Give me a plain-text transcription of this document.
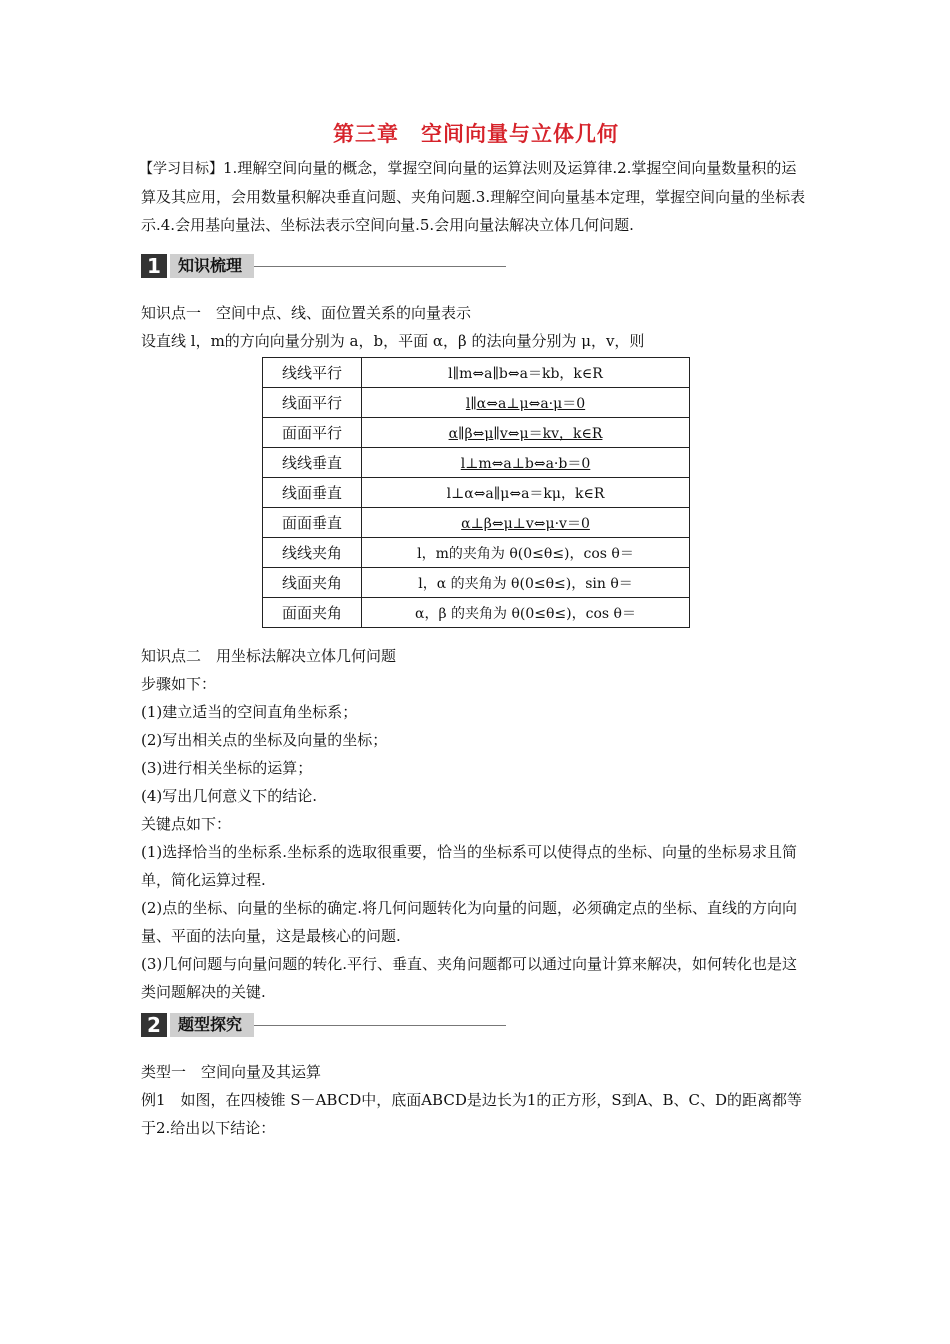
第三章　空间向量与立体几何

【学习目标】1.理解空间向量的概念，掌握空间向量的运算法则及运算律.2.掌握空间向量数量积的运算及其应用，会用数量积解决垂直问题、夹角问题.3.理解空间向量基本定理，掌握空间向量的坐标表示.4.会用基向量法、坐标法表示空间向量.5.会用向量法解决立体几何问题.

1	知识梳理

知识点一　空间中点、线、面位置关系的向量表示

设直线 l，m的方向向量分别为 a，b，平面 α，β 的法向量分别为 μ，v，则

线线平行	l∥m⇔a∥b⇔a＝kb，k∈R
线面平行	l∥α⇔a⊥μ⇔a·μ＝0
面面平行	α∥β⇔μ∥v⇔μ＝kv，k∈R
线线垂直	l⊥m⇔a⊥b⇔a·b＝0
线面垂直	l⊥α⇔a∥μ⇔a＝kμ，k∈R
面面垂直	α⊥β⇔μ⊥v⇔μ·v＝0
线线夹角	l，m的夹角为 θ(0≤θ≤)，cos θ＝
线面夹角	l，α 的夹角为 θ(0≤θ≤)，sin θ＝
面面夹角	α，β 的夹角为 θ(0≤θ≤)，cos θ＝

知识点二　用坐标法解决立体几何问题

步骤如下：

(1)建立适当的空间直角坐标系；

(2)写出相关点的坐标及向量的坐标；

(3)进行相关坐标的运算；

(4)写出几何意义下的结论.

关键点如下：

(1)选择恰当的坐标系.坐标系的选取很重要，恰当的坐标系可以使得点的坐标、向量的坐标易求且简单，简化运算过程.

(2)点的坐标、向量的坐标的确定.将几何问题转化为向量的问题，必须确定点的坐标、直线的方向向量、平面的法向量，这是最核心的问题.

(3)几何问题与向量问题的转化.平行、垂直、夹角问题都可以通过向量计算来解决，如何转化也是这类问题解决的关键.

2	题型探究

类型一　空间向量及其运算

例1　如图，在四棱锥 S－ABCD中，底面ABCD是边长为1的正方形，S到A、B、C、D的距离都等于2.给出以下结论：
